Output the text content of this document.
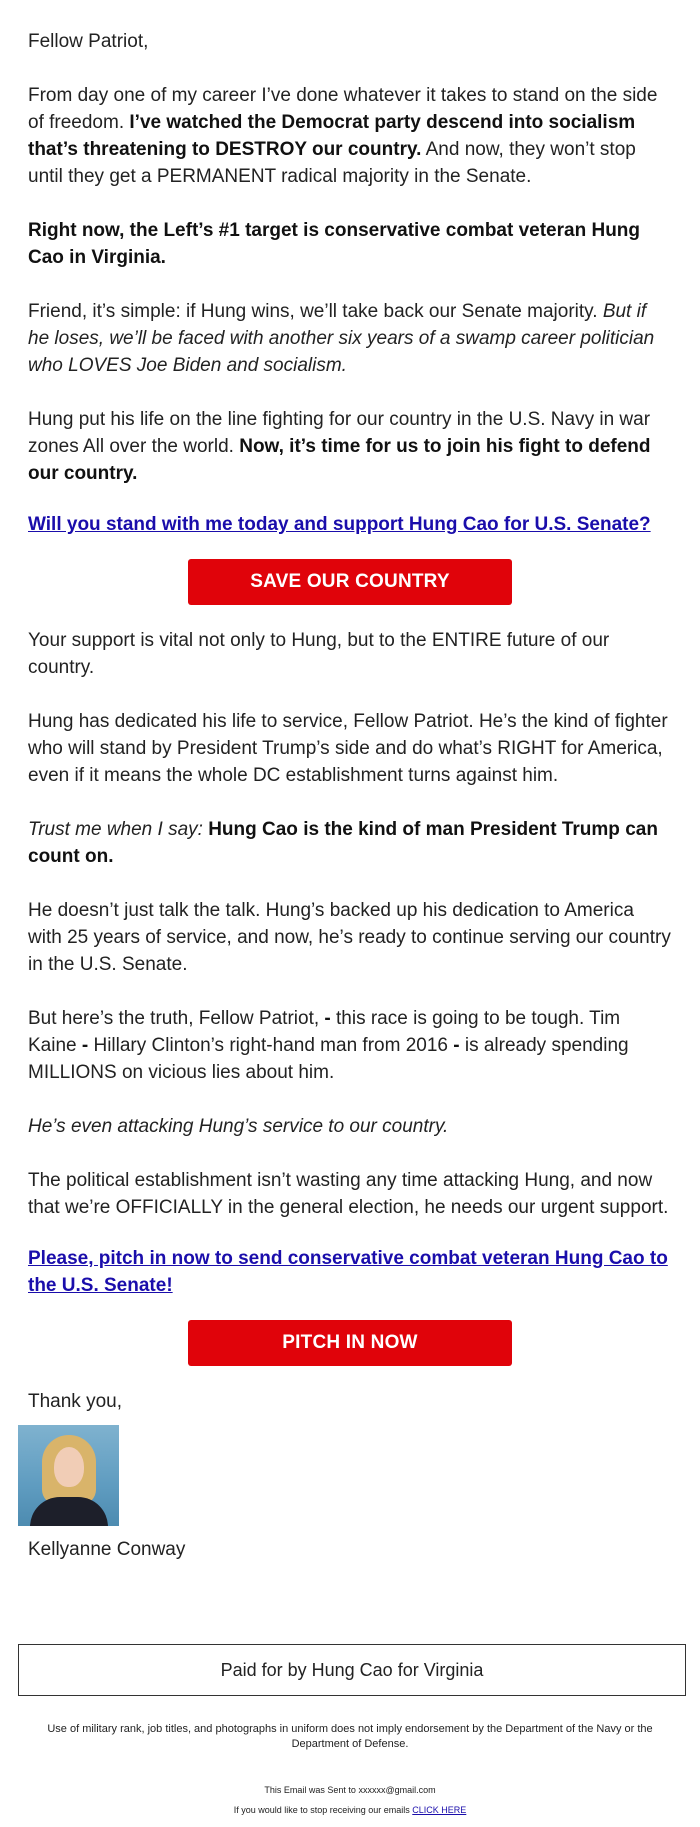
Fellow Patriot,

From day one of my career I’ve done whatever it takes to stand on the side of freedom. I’ve watched the Democrat party descend into socialism that’s threatening to DESTROY our country. And now, they won’t stop until they get a PERMANENT radical majority in the Senate.

Right now, the Left’s #1 target is conservative combat veteran Hung Cao in Virginia.

Friend, it’s simple: if Hung wins, we’ll take back our Senate majority. But if he loses, we’ll be faced with another six years of a swamp career politician who LOVES Joe Biden and socialism.

Hung put his life on the line fighting for our country in the U.S. Navy in war zones All over the world. Now, it’s time for us to join his fight to defend our country.

Will you stand with me today and support Hung Cao for U.S. Senate?

SAVE OUR COUNTRY

Your support is vital not only to Hung, but to the ENTIRE future of our country.

Hung has dedicated his life to service, Fellow Patriot. He’s the kind of fighter who will stand by President Trump’s side and do what’s RIGHT for America, even if it means the whole DC establishment turns against him.

Trust me when I say: Hung Cao is the kind of man President Trump can count on.

He doesn’t just talk the talk. Hung’s backed up his dedication to America with 25 years of service, and now, he’s ready to continue serving our country in the U.S. Senate.

But here’s the truth, Fellow Patriot, - this race is going to be tough. Tim Kaine - Hillary Clinton’s right-hand man from 2016 - is already spending MILLIONS on vicious lies about him.

He’s even attacking Hung’s service to our country.

The political establishment isn’t wasting any time attacking Hung, and now that we’re OFFICIALLY in the general election, he needs our urgent support.

Please, pitch in now to send conservative combat veteran Hung Cao to the U.S. Senate!

PITCH IN NOW
Thank you,
Kellyanne Conway
Paid for by Hung Cao for Virginia
Use of military rank, job titles, and photographs in uniform does not imply endorsement by the Department of the Navy or the Department of Defense.
This Email was Sent to xxxxxx@gmail.com
If you would like to stop receiving our emails CLICK HERE
